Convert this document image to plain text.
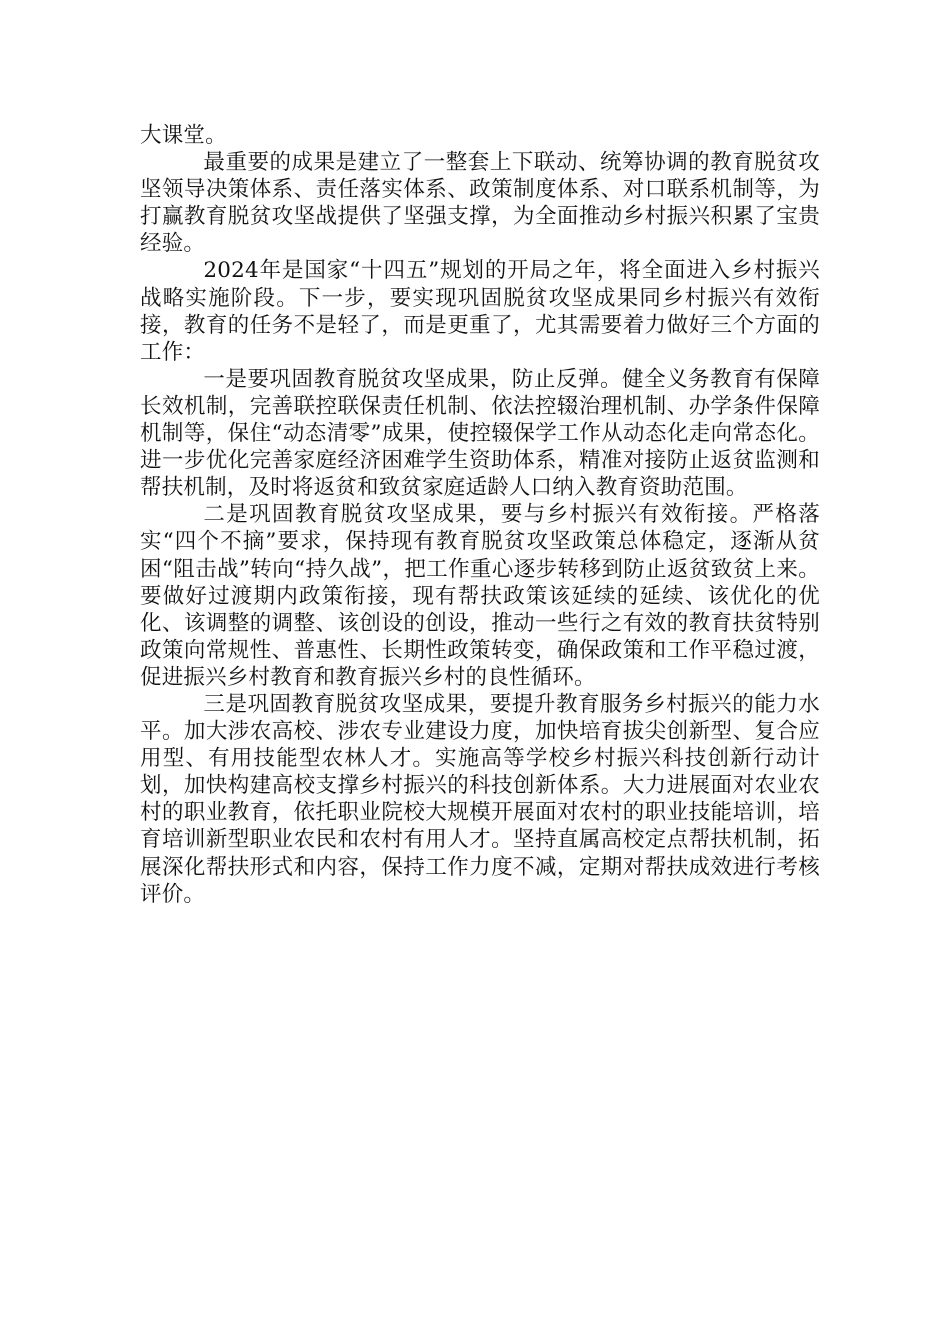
大课堂。

最重要的成果是建立了一整套上下联动、统筹协调的教育脱贫攻坚领导决策体系、责任落实体系、政策制度体系、对口联系机制等，为打赢教育脱贫攻坚战提供了坚强支撑，为全面推动乡村振兴积累了宝贵经验。

2024年是国家“十四五”规划的开局之年，将全面进入乡村振兴战略实施阶段。下一步，要实现巩固脱贫攻坚成果同乡村振兴有效衔接，教育的任务不是轻了，而是更重了，尤其需要着力做好三个方面的工作：

一是要巩固教育脱贫攻坚成果，防止反弹。健全义务教育有保障长效机制，完善联控联保责任机制、依法控辍治理机制、办学条件保障机制等，保住“动态清零”成果，使控辍保学工作从动态化走向常态化。进一步优化完善家庭经济困难学生资助体系，精准对接防止返贫监测和帮扶机制，及时将返贫和致贫家庭适龄人口纳入教育资助范围。

二是巩固教育脱贫攻坚成果，要与乡村振兴有效衔接。严格落实“四个不摘”要求，保持现有教育脱贫攻坚政策总体稳定，逐渐从贫困“阻击战”转向“持久战”，把工作重心逐步转移到防止返贫致贫上来。要做好过渡期内政策衔接，现有帮扶政策该延续的延续、该优化的优化、该调整的调整、该创设的创设，推动一些行之有效的教育扶贫特别政策向常规性、普惠性、长期性政策转变，确保政策和工作平稳过渡，促进振兴乡村教育和教育振兴乡村的良性循环。

三是巩固教育脱贫攻坚成果，要提升教育服务乡村振兴的能力水平。加大涉农高校、涉农专业建设力度，加快培育拔尖创新型、复合应用型、有用技能型农林人才。实施高等学校乡村振兴科技创新行动计划，加快构建高校支撑乡村振兴的科技创新体系。大力进展面对农业农村的职业教育，依托职业院校大规模开展面对农村的职业技能培训，培育培训新型职业农民和农村有用人才。坚持直属高校定点帮扶机制，拓展深化帮扶形式和内容，保持工作力度不减，定期对帮扶成效进行考核评价。
